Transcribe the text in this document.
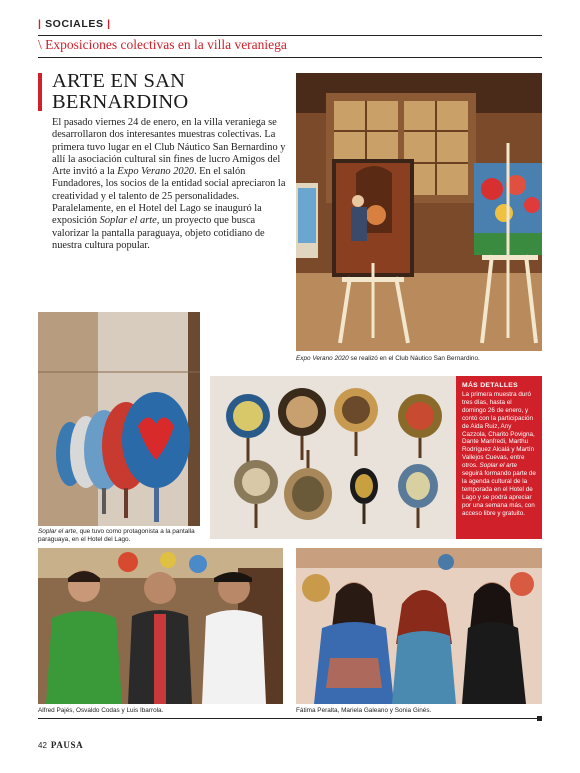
| SOCIALES |
\ Exposiciones colectivas en la villa veraniega
ARTE EN SAN
BERNARDINO
El pasado viernes 24 de enero, en la villa veraniega se desarrollaron dos interesantes muestras colectivas. La primera tuvo lugar en el Club Náutico San Bernardino y allí la asociación cultural sin fines de lucro Amigos del Arte invitó a la Expo Verano 2020. En el salón Fundadores, los socios de la entidad social apreciaron la creatividad y el talento de 25 personalidades. Paralelamente, en el Hotel del Lago se inauguró la exposición Soplar el arte, un proyecto que busca valorizar la pantalla paraguaya, objeto cotidiano de nuestra cultura popular.
Expo Verano 2020 se realizó en el Club Náutico San Bernardino.
Soplar el arte, que tuvo como protagonista a la pantalla paraguaya, en el Hotel del Lago.
MÁS DETALLES
La primera muestra duró tres días, hasta el domingo 26 de enero, y contó con la participación de Aida Ruiz, Any Cazzola, Charito Povigna, Dante Manfredi, Marthu Rodríguez Alcalá y Martín Vallejos Cuevas, entre otros. Soplar el arte seguirá formando parte de la agenda cultural de la temporada en el Hotel de Lago y se podrá apreciar por una semana más, con acceso libre y gratuito.
Alfred Pajés, Osvaldo Codas y Luis Ibarrola.	Fátima Peralta, Mariela Galeano y Sonia Ginés.
42 PAUSA
